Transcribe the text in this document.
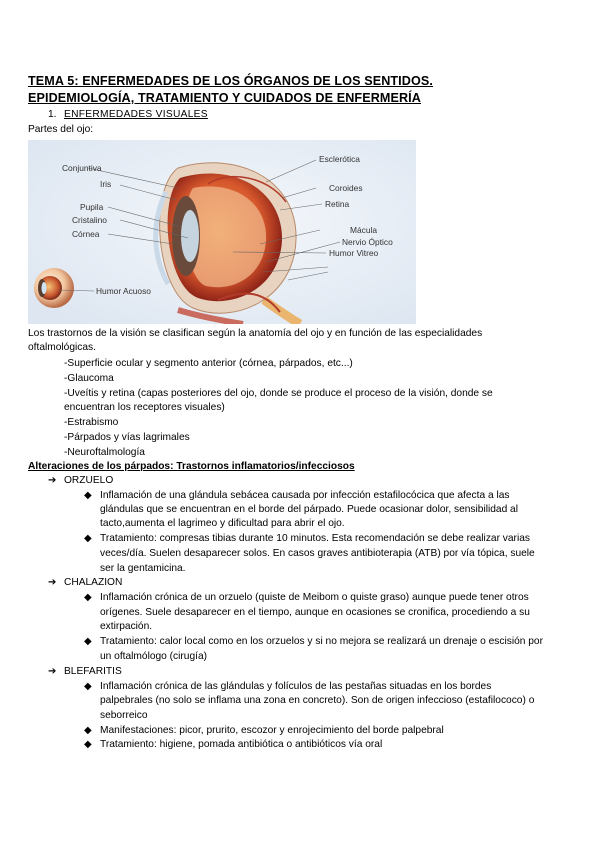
TEMA 5: ENFERMEDADES DE LOS ÓRGANOS DE LOS SENTIDOS.
EPIDEMIOLOGÍA, TRATAMIENTO Y CUIDADOS DE ENFERMERÍA
1. ENFERMEDADES VISUALES
Partes del ojo:
Conjuntiva
Iris
Pupila
Cristalino
Córnea
Esclerótica
Coroides
Retina
Mácula
Nervio Óptico
Humor Vitreo
Humor Acuoso
Los trastornos de la visión se clasifican según la anatomía del ojo y en función de las especialidades
oftalmológicas.
-Superficie ocular y segmento anterior (córnea, párpados, etc...)
-Glaucoma
-Uveítis y retina (capas posteriores del ojo, donde se produce el proceso de la visión, donde se
encuentran los receptores visuales)
-Estrabismo
-Párpados y vías lagrimales
-Neuroftalmología
Alteraciones de los párpados: Trastornos inflamatorios/infecciosos
➔ ORZUELO
◆ Inflamación de una glándula sebácea causada por infección estafilocócica que afecta a las
glándulas que se encuentran en el borde del párpado. Puede ocasionar dolor, sensibilidad al
tacto,aumenta el lagrimeo y dificultad para abrir el ojo.
◆ Tratamiento: compresas tibias durante 10 minutos. Esta recomendación se debe realizar varias
veces/día. Suelen desaparecer solos. En casos graves antibioterapia (ATB) por vía tópica, suele
ser la gentamicina.
➔ CHALAZION
◆ Inflamación crónica de un orzuelo (quiste de Meibom o quiste graso) aunque puede tener otros
orígenes. Suele desaparecer en el tiempo, aunque en ocasiones se cronifica, procediendo a su
extirpación.
◆ Tratamiento: calor local como en los orzuelos y si no mejora se realizará un drenaje o escisión por
un oftalmólogo (cirugía)
➔ BLEFARITIS
◆ Inflamación crónica de las glándulas y folículos de las pestañas situadas en los bordes
palpebrales (no solo se inflama una zona en concreto). Son de origen infeccioso (estafilococo) o
seborreico
◆ Manifestaciones: picor, prurito, escozor y enrojecimiento del borde palpebral
◆ Tratamiento: higiene, pomada antibiótica o antibióticos vía oral
